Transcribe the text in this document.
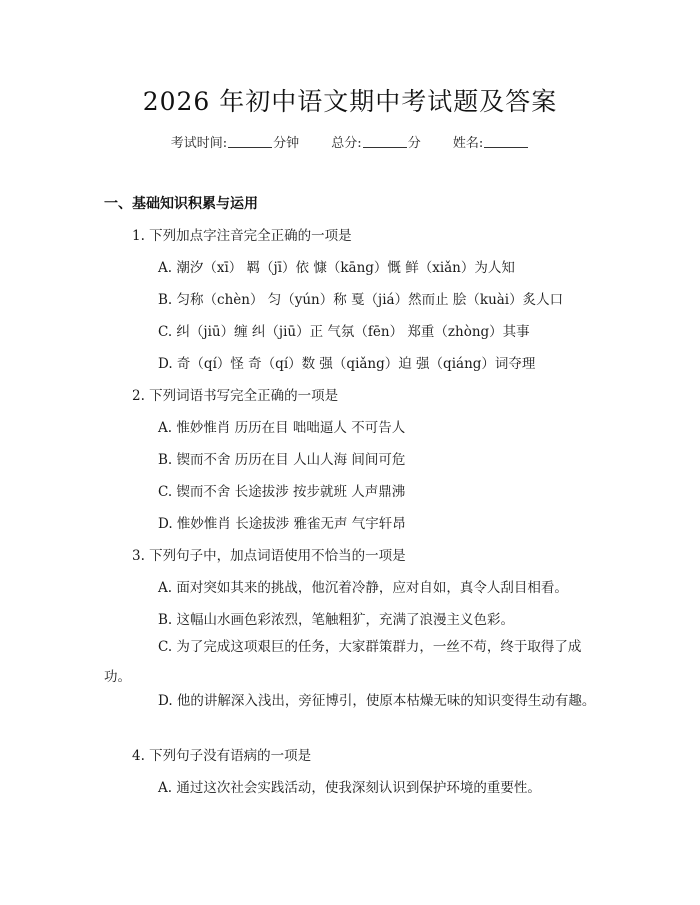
2026 年初中语文期中考试题及答案
考试时间:	分钟 总分:	分 姓名:
一、基础知识积累与运用
1. 下列加点字注音完全正确的一项是
A. 潮汐（xī） 羁（jī）依 慷（kāng）慨 鲜（xiǎn）为人知
B. 匀称（chèn） 匀（yún）称 戛（jiá）然而止 脍（kuài）炙人口
C. 纠（jiū）缠 纠（jiū）正 气氛（fēn） 郑重（zhòng）其事
D. 奇（qí）怪 奇（qí）数 强（qiǎng）迫 强（qiáng）词夺理
2. 下列词语书写完全正确的一项是
A. 惟妙惟肖 历历在目 咄咄逼人 不可告人
B. 锲而不舍 历历在目 人山人海 间间可危
C. 锲而不舍 长途拔涉 按步就班 人声鼎沸
D. 惟妙惟肖 长途拔涉 雅雀无声 气宇轩昂
3. 下列句子中，加点词语使用不恰当的一项是
A. 面对突如其来的挑战，他沉着冷静，应对自如，真令人刮目相看。
B. 这幅山水画色彩浓烈，笔触粗犷，充满了浪漫主义色彩。
C. 为了完成这项艰巨的任务，大家群策群力，一丝不苟，终于取得了成功。
D. 他的讲解深入浅出，旁征博引，使原本枯燥无味的知识变得生动有趣。
4. 下列句子没有语病的一项是
A. 通过这次社会实践活动，使我深刻认识到保护环境的重要性。
